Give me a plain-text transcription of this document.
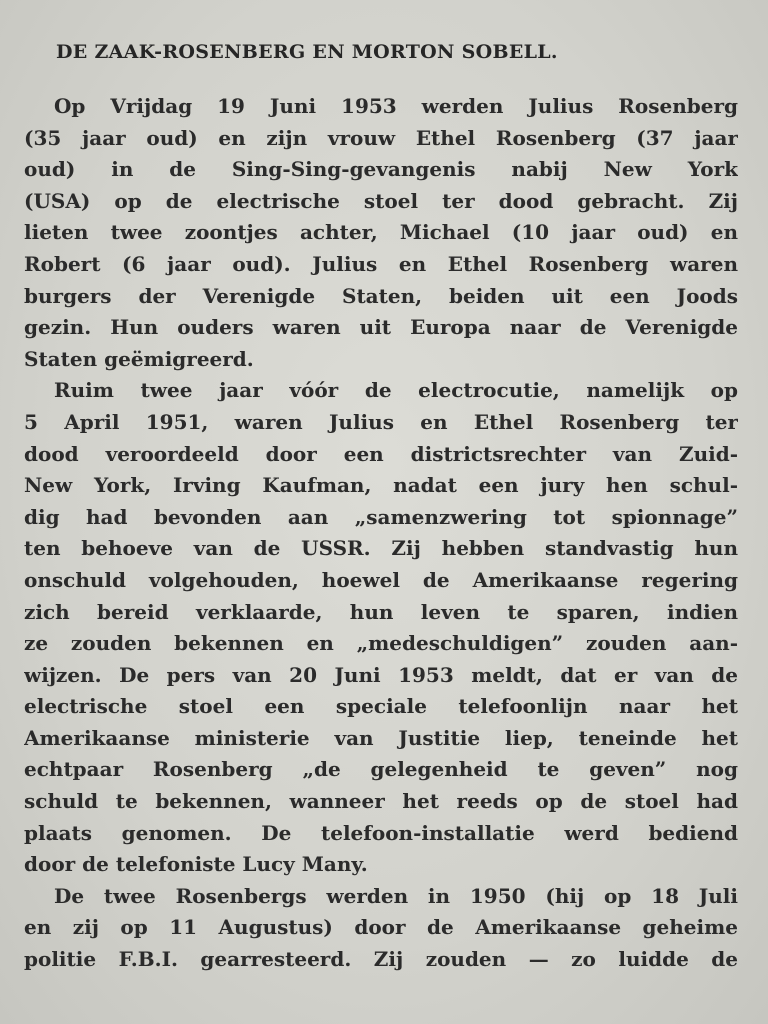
DE ZAAK-ROSENBERG EN MORTON SOBELL.
Op Vrijdag 19 Juni 1953 werden Julius Rosenberg
(35 jaar oud) en zijn vrouw Ethel Rosenberg (37 jaar
oud) in de Sing-Sing-gevangenis nabij New York
(USA) op de electrische stoel ter dood gebracht. Zij
lieten twee zoontjes achter, Michael (10 jaar oud) en
Robert (6 jaar oud). Julius en Ethel Rosenberg waren
burgers der Verenigde Staten, beiden uit een Joods
gezin. Hun ouders waren uit Europa naar de Verenigde
Staten geëmigreerd.
Ruim twee jaar vóór de electrocutie, namelijk op
5 April 1951, waren Julius en Ethel Rosenberg ter
dood veroordeeld door een districtsrechter van Zuid-
New York, Irving Kaufman, nadat een jury hen schul-
dig had bevonden aan „samenzwering tot spionnage”
ten behoeve van de USSR. Zij hebben standvastig hun
onschuld volgehouden, hoewel de Amerikaanse regering
zich bereid verklaarde, hun leven te sparen, indien
ze zouden bekennen en „medeschuldigen” zouden aan-
wijzen. De pers van 20 Juni 1953 meldt, dat er van de
electrische stoel een speciale telefoonlijn naar het
Amerikaanse ministerie van Justitie liep, teneinde het
echtpaar Rosenberg „de gelegenheid te geven” nog
schuld te bekennen, wanneer het reeds op de stoel had
plaats genomen. De telefoon-installatie werd bediend
door de telefoniste Lucy Many.
De twee Rosenbergs werden in 1950 (hij op 18 Juli
en zij op 11 Augustus) door de Amerikaanse geheime
politie F.B.I. gearresteerd. Zij zouden — zo luidde de
